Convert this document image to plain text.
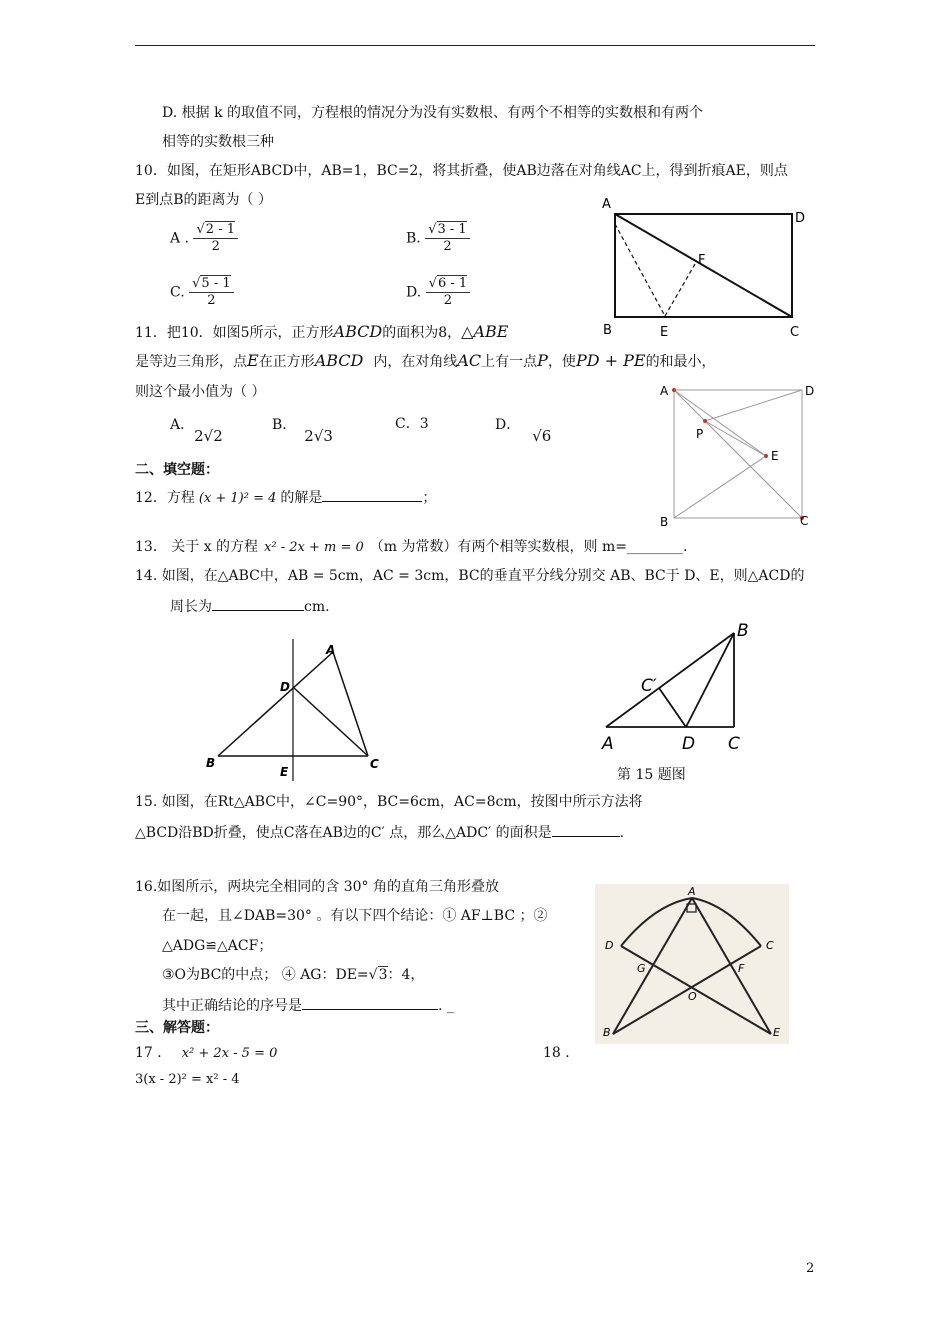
D. 根据 k 的取值不同，方程根的情况分为没有实数根、有两个不相等的实数根和有两个
相等的实数根三种
10．如图，在矩形ABCD中，AB=1，BC=2，将其折叠，使AB边落在对角线AC上，得到折痕AE，则点
E到点B的距离为（ ）
A . $\frac{√2 - 1}{2}$	B. $\frac{√3 - 1}{2}$
C. $\frac{√5 - 1}{2}$	D. $\frac{√6 - 1}{2}$
A
D
F
B	E	C
11．把10．如图5所示，正方形ABCD的面积为8，△ABE
是等边三角形，点E在正方形ABCD 内，在对角线AC上有一点P，使PD + PE的和最小，
则这个最小值为（ ）
A．2√2
B．2√3
C．3	D．√6
A	D
P
E
B	C
二、填空题：
12．方程 (x + 1)² = 4 的解是	；
13． 关于 x 的方程 x² - 2x + m = 0 （m 为常数）有两个相等实数根，则 m=________.
14. 如图，在△ABC中，AB = 5cm，AC = 3cm，BC的垂直平分线分别交 AB、BC于 D、E，则△ACD的
周长为	cm.
A
D
B
E
C
B
C′
A	D C
第 15 题图
15. 如图，在Rt△ABC中，∠C=90°，BC=6cm，AC=8cm，按图中所示方法将
△BCD沿BD折叠，使点C落在AB边的C′ 点，那么△ADC′ 的面积是	.
16.如图所示，两块完全相同的含 30° 角的直角三角形叠放
在一起，且∠DAB=30° 。有以下四个结论：① AF⊥BC ；②
△ADG≌△ACF；
③O为BC的中点； ④ AG：DE=√3：4，
其中正确结论的序号是	. _
A
D	C
G	F
O
B	E
三、解答题：
17 . x² + 2x - 5 = 0	18 .
3(x - 2)² = x² - 4
2
